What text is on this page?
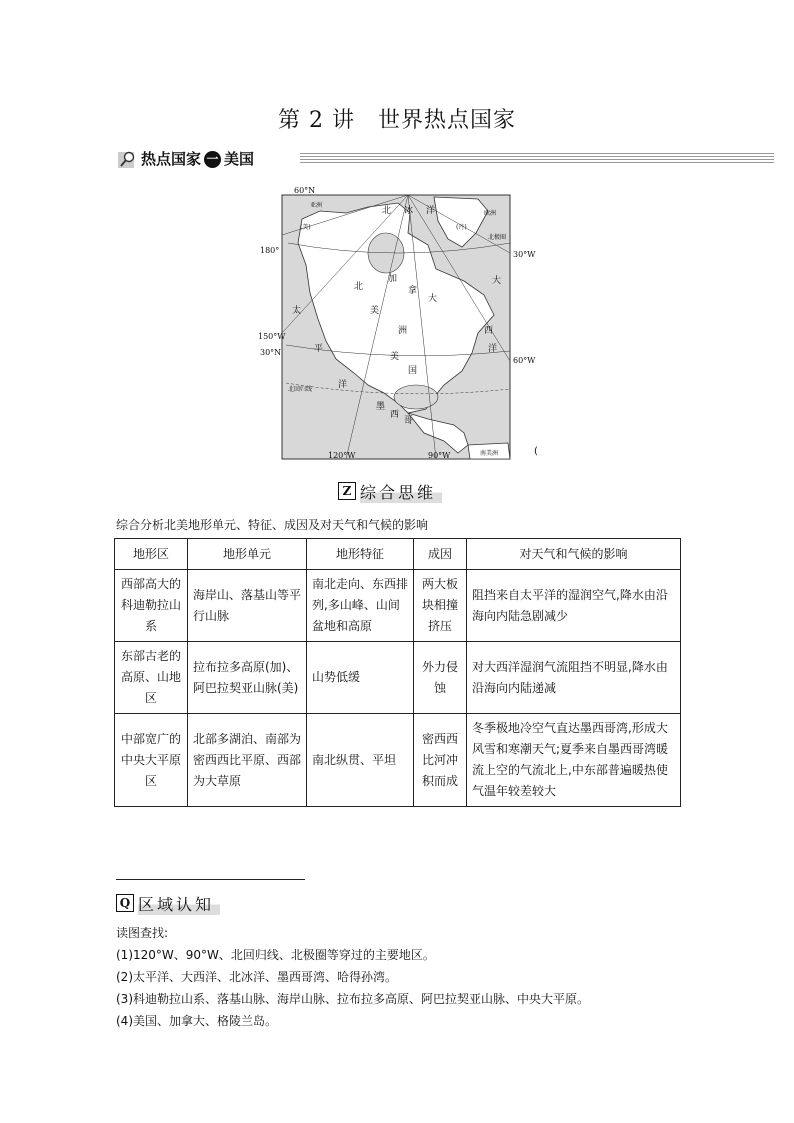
第 2 讲　世界热点国家
热点国家 一 美国
60°N
30°N
180°
150°W
120°W	90°W
60°W
30°W
北 冰 洋
太
平
洋
大
北
美
洲
加
拿
大
西
洋
美
国
墨
西
哥
亚洲
欧洲
南美洲
北回归线
北极圈
(丹)
(美)
(
Z 综合思维
综合分析北美地形单元、特征、成因及对天气和气候的影响
地形区	地形单元	地形特征	成因	对天气和气候的影响
西部高大的科迪勒拉山系	海岸山、落基山等平行山脉	南北走向、东西排列,多山峰、山间盆地和高原	两大板块相撞挤压	阻挡来自太平洋的湿润空气,降水由沿海向内陆急剧减少
东部古老的高原、山地区	拉布拉多高原(加)、阿巴拉契亚山脉(美)	山势低缓	外力侵蚀	对大西洋湿润气流阻挡不明显,降水由沿海向内陆递减
中部宽广的中央大平原区	北部多湖泊、南部为密西西比平原、西部为大草原	南北纵贯、平坦	密西西比河冲积而成	冬季极地冷空气直达墨西哥湾,形成大风雪和寒潮天气;夏季来自墨西哥湾暖流上空的气流北上,中东部普遍暖热使气温年较差较大
Q 区域认知
读图查找:
(1)120°W、90°W、北回归线、北极圈等穿过的主要地区。
(2)太平洋、大西洋、北冰洋、墨西哥湾、哈得孙湾。
(3)科迪勒拉山系、落基山脉、海岸山脉、拉布拉多高原、阿巴拉契亚山脉、中央大平原。
(4)美国、加拿大、格陵兰岛。
